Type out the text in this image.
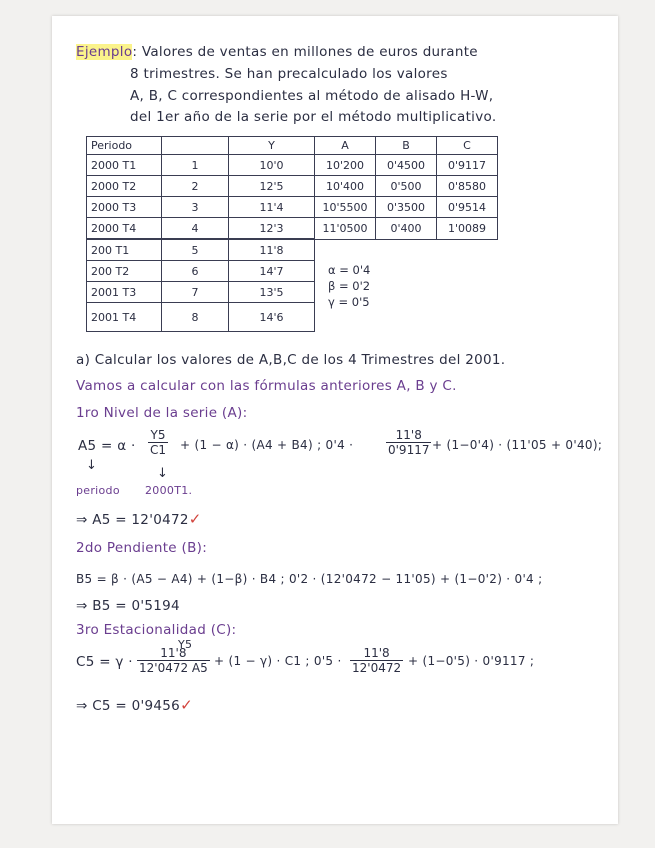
Ejemplo: Valores de ventas en millones de euros durante
8 trimestres. Se han precalculado los valores
A, B, C correspondientes al método de alisado H-W,
del 1er año de la serie por el método multiplicativo.
Periodo		Y	A	B	C
2000 T1	1	10'0	10'200	0'4500	0'9117
2000 T2	2	12'5	10'400	0'500	0'8580
2000 T3	3	11'4	10'5500	0'3500	0'9514
2000 T4	4	12'3	11'0500	0'400	1'0089
200 T1	5	11'8			
200 T2	6	14'7			
2001 T3	7	13'5			
2001 T4	8	14'6			
α = 0'4
β = 0'2
γ = 0'5
a) Calcular los valores de A,B,C de los 4 Trimestres del 2001.
Vamos a calcular con las fórmulas anteriores A, B y C.
1ro Nivel de la serie (A):
$A5 = \alpha \cdot \frac{Y5}{C1} + (1 - \alpha) \cdot (A4 + B4)$ ; 0'4 ·	$\frac{11'8}{0'9117} + (1-0'4) \cdot (11'05 + 0'40)$;
↓
↓
periodo 2000T1.
⇒ A5 = 12'0472✓
2do Pendiente (B):
B5 = β · (A5 − A4) + (1−β) · B4 ; 0'2 · (12'0472 − 11'05) + (1−0'2) · 0'4 ;
⇒ B5 = 0'5194
3ro Estacionalidad (C):
C5 = γ ·
Y5
$\frac{11'8}{12'0472 A5} + (1 - \gamma) \cdot C1$ ; $0'5 \cdot \frac{11'8}{12'0472} + (1-0'5) \cdot 0'9117$ ;
⇒ C5 = 0'9456✓
